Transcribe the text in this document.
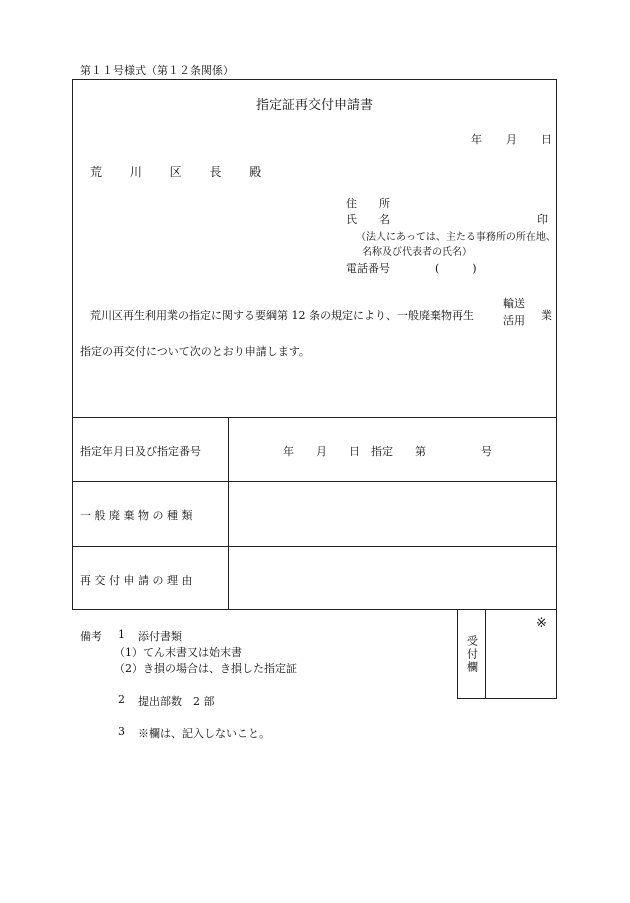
第１１号様式（第１２条関係）
指定証再交付申請書
年 月 日
荒 川 区 長 殿
住　　所
氏　　名	印
（法人にあっては、主たる事務所の所在地、
名称及び代表者の氏名）
電話番号	(　　　)
荒川区再生利用業の指定に関する要綱第 12 条の規定により、一般廃棄物再生
輸送
活用 業
指定の再交付について次のとおり申請します。
指定年月日及び指定番号	年　　月　　日　指定　　第　　　　　号
一 般 廃 棄 物 の 種 類
再 交 付 申 請 の 理 由
受付欄
※
備考 1 添付書類
（1）てん末書又は始末書
（2）き損の場合は、き損した指定証
2 提出部数　2 部
3 ※欄は、記入しないこと。
